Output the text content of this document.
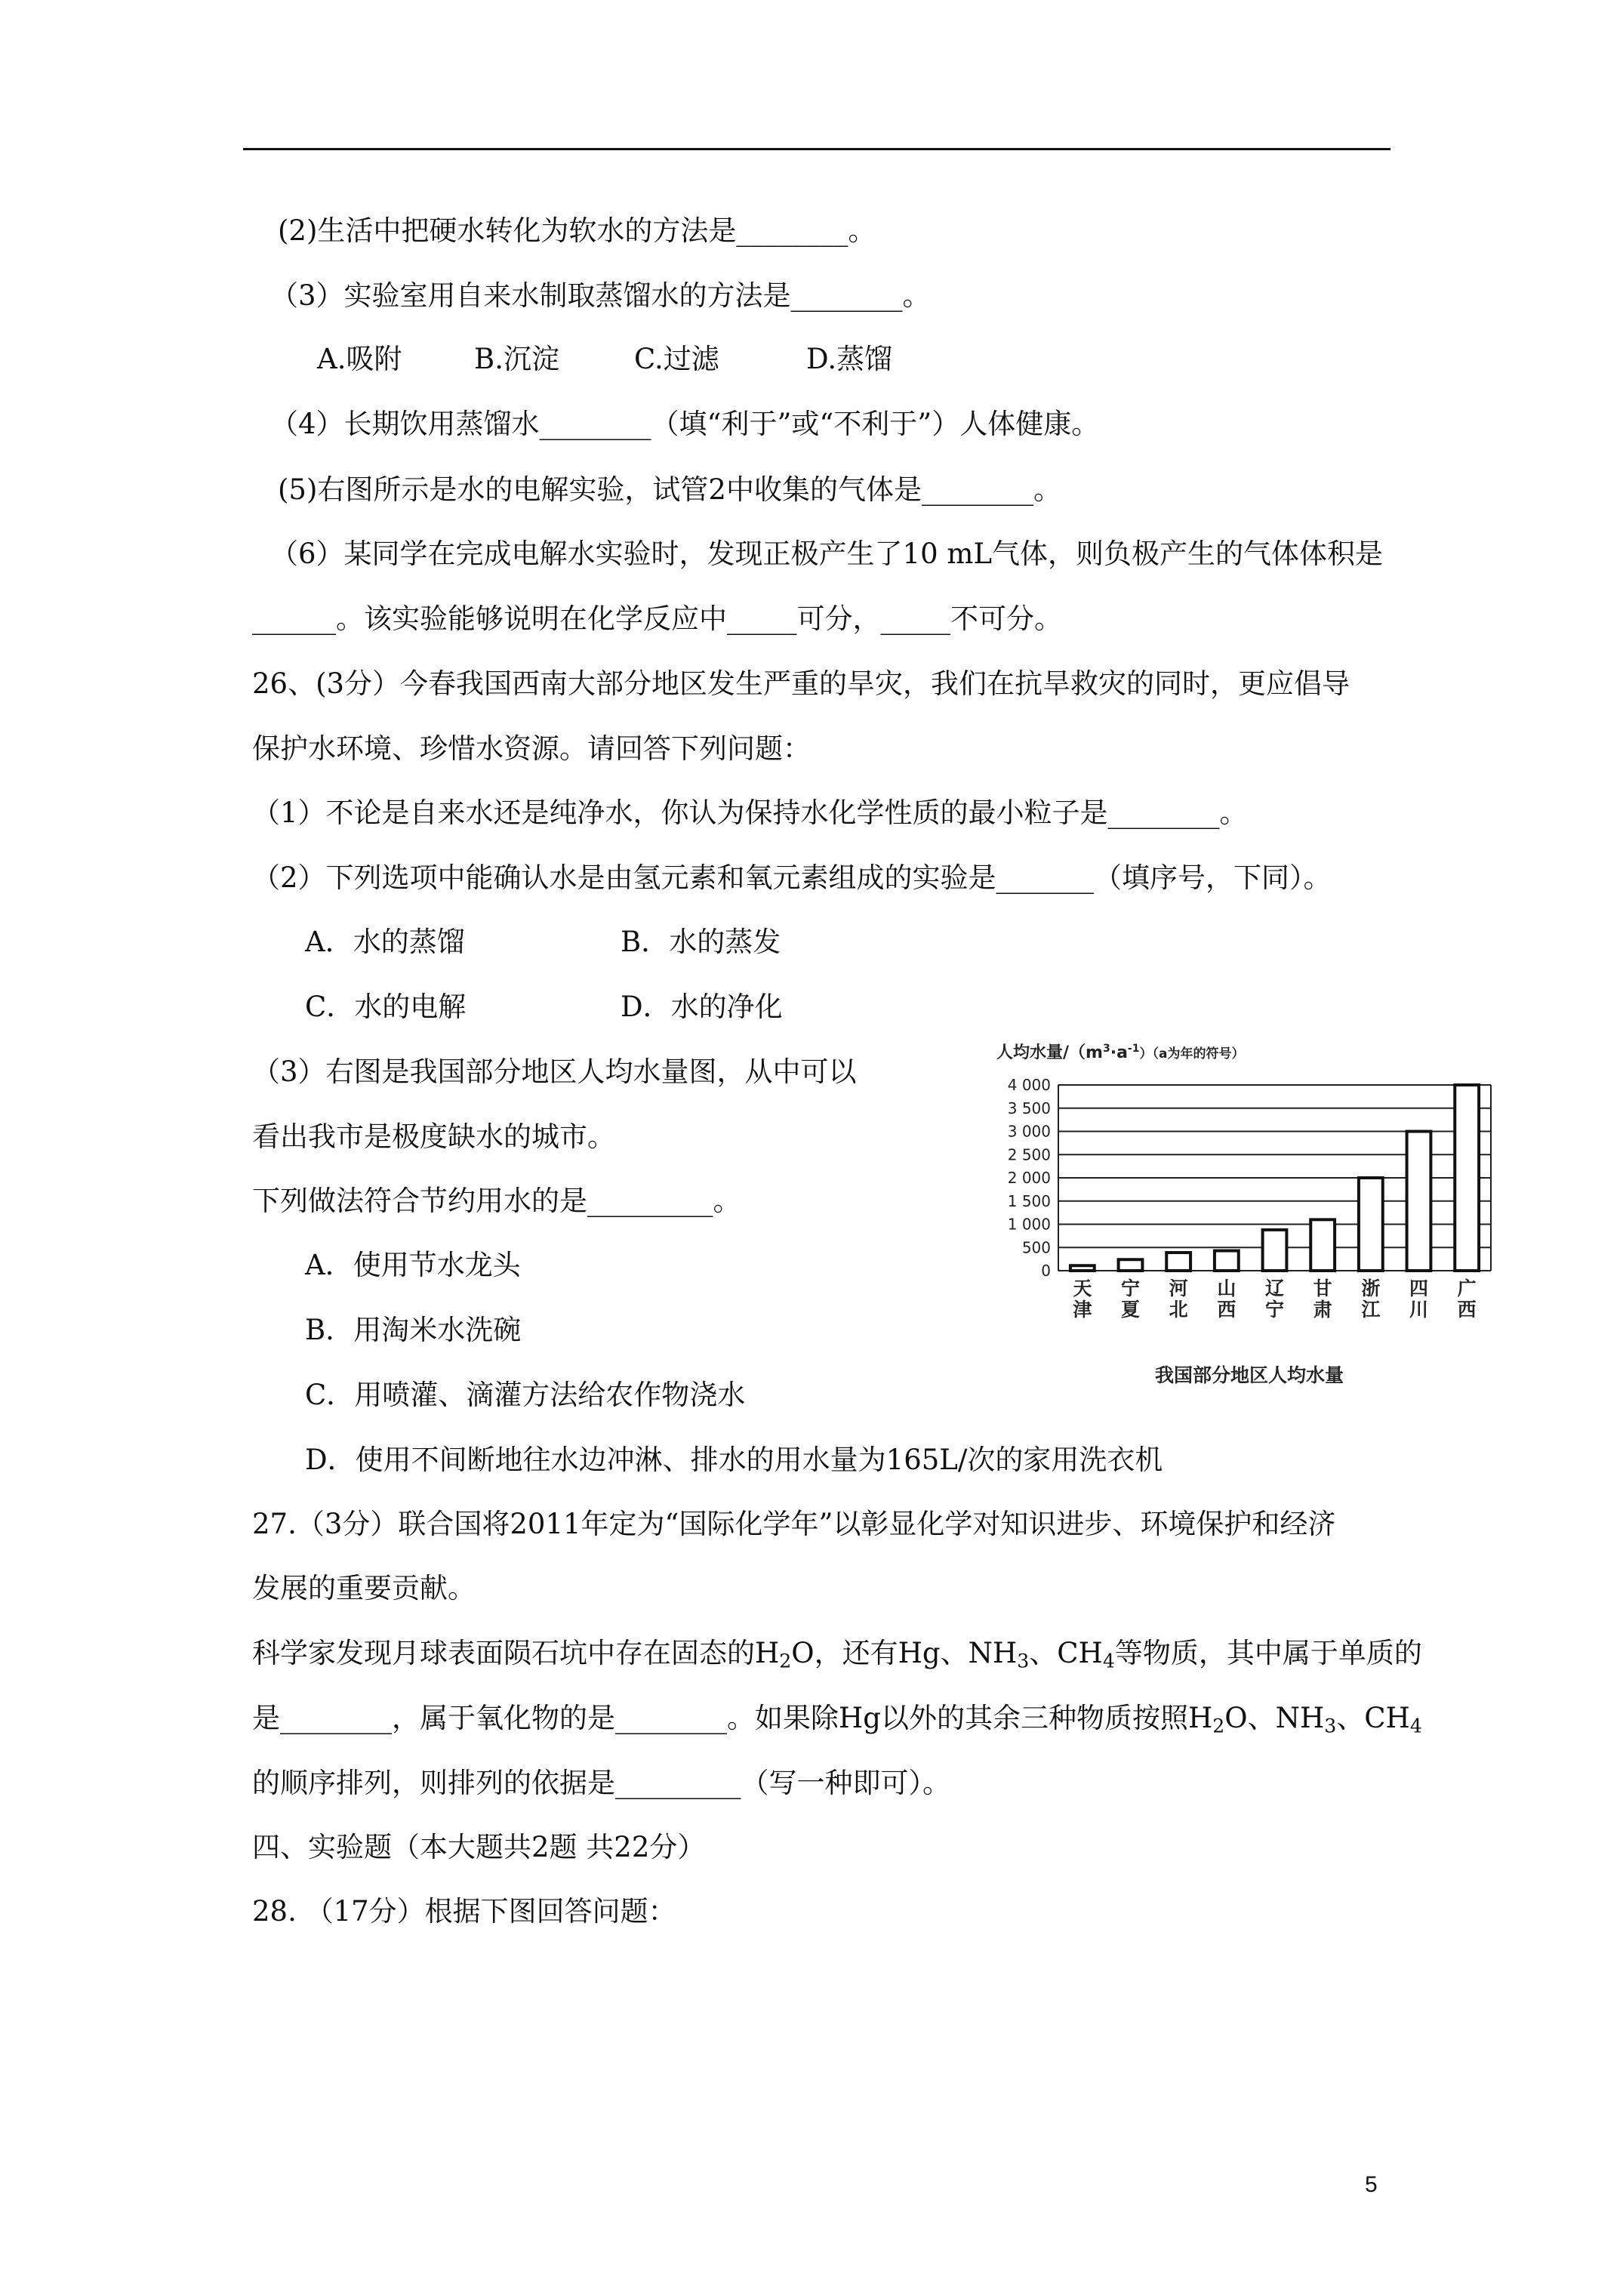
(2)生活中把硬水转化为软水的方法是________。
（3）实验室用自来水制取蒸馏水的方法是________。
A.吸附	B.沉淀	C.过滤	D.蒸馏
（4）长期饮用蒸馏水________（填“利于”或“不利于”）人体健康。
(5)右图所示是水的电解实验，试管2中收集的气体是________。
（6）某同学在完成电解水实验时，发现正极产生了10 mL气体，则负极产生的气体体积是
______。该实验能够说明在化学反应中_____可分，_____不可分。
26、(3分）今春我国西南大部分地区发生严重的旱灾，我们在抗旱救灾的同时，更应倡导
保护水环境、珍惜水资源。请回答下列问题：
（1）不论是自来水还是纯净水，你认为保持水化学性质的最小粒子是________。
（2）下列选项中能确认水是由氢元素和氧元素组成的实验是_______（填序号，下同）。
A．水的蒸馏	B．水的蒸发
C．水的电解	D．水的净化
（3）右图是我国部分地区人均水量图，从中可以
看出我市是极度缺水的城市。
下列做法符合节约用水的是_________。
A．使用节水龙头
B．用淘米水洗碗
C．用喷灌、滴灌方法给农作物浇水
D．使用不间断地往水边冲淋、排水的用水量为165L/次的家用洗衣机
27.（3分）联合国将2011年定为“国际化学年”以彰显化学对知识进步、环境保护和经济
发展的重要贡献。
科学家发现月球表面陨石坑中存在固态的$H_2O$，还有Hg、$NH_3$、$CH_4$等物质，其中属于单质的
是________，属于氧化物的是________。如果除Hg以外的其余三种物质按照$H_2O$、$NH_3$、$CH_4$
的顺序排列，则排列的依据是_________（写一种即可）。
四、实验题（本大题共2题 共22分）
28. （17分）根据下图回答问题：
人均水量$/(m^3\cdot a^{-1}_{)(a为年的符号)}$
0
500
1 000
1 500
2 000
2 500
3 000
3 500
4 000
天
津
宁
夏
河
北
山
西
辽
宁
甘
肃
浙
江
四
川
广
西
我国部分地区人均水量
5
